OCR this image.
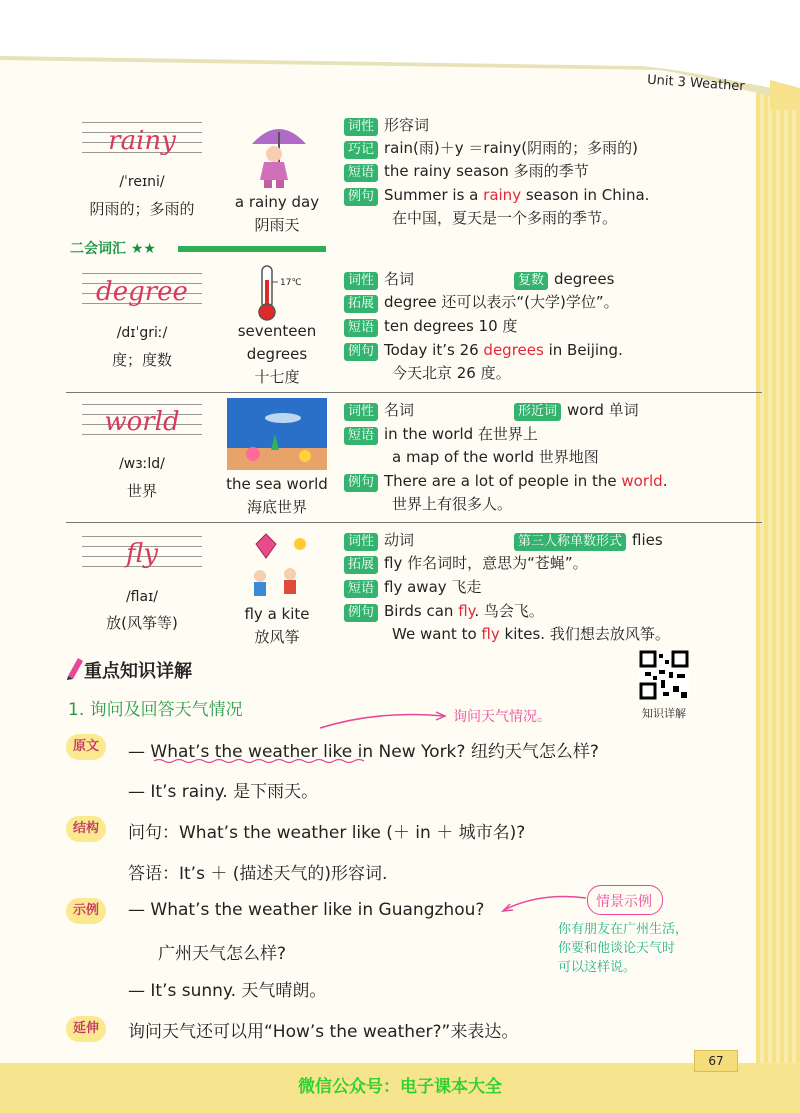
Unit 3 Weather
rainy
/ˈreɪni/
阴雨的；多雨的	a rainy day
阴雨天
词性 形容词
巧记 rain(雨)＋y ＝rainy(阴雨的；多雨的)
短语 the rainy season 多雨的季节
例句 Summer is a rainy season in China.
在中国，夏天是一个多雨的季节。
二会词汇 ★★
degree
/dɪˈgriː/
度；度数
17℃
seventeen
degrees
十七度
词性 名词	复数 degrees
拓展 degree 还可以表示“(大学)学位”。
短语 ten degrees 10 度
例句 Today it’s 26 degrees in Beijing.
今天北京 26 度。
world
/wɜːld/
世界	the sea world
海底世界
词性 名词	形近词 word 单词
短语 in the world 在世界上
a map of the world 世界地图
例句 There are a lot of people in the world.
世界上有很多人。
fly
/flaɪ/
放(风筝等)	fly a kite
放风筝
词性 动词	第三人称单数形式 flies
拓展 fly 作名词时，意思为“苍蝇”。
短语 fly away 飞走
例句 Birds can fly. 鸟会飞。
We want to fly kites. 我们想去放风筝。
重点知识详解
知识详解
1. 询问及回答天气情况	询问天气情况。
原文	— What’s the weather like in New York? 纽约天气怎么样?
— It’s rainy. 是下雨天。
结构	问句：What’s the weather like (＋ in ＋ 城市名)?
答语：It’s ＋ (描述天气的)形容词.
示例	— What’s the weather like in Guangzhou?
广州天气怎么样?
— It’s sunny. 天气晴朗。
情景示例
你有朋友在广州生活，
你要和他谈论天气时
可以这样说。
延伸	询问天气还可以用“How’s the weather?”来表达。
67
微信公众号：电子课本大全
